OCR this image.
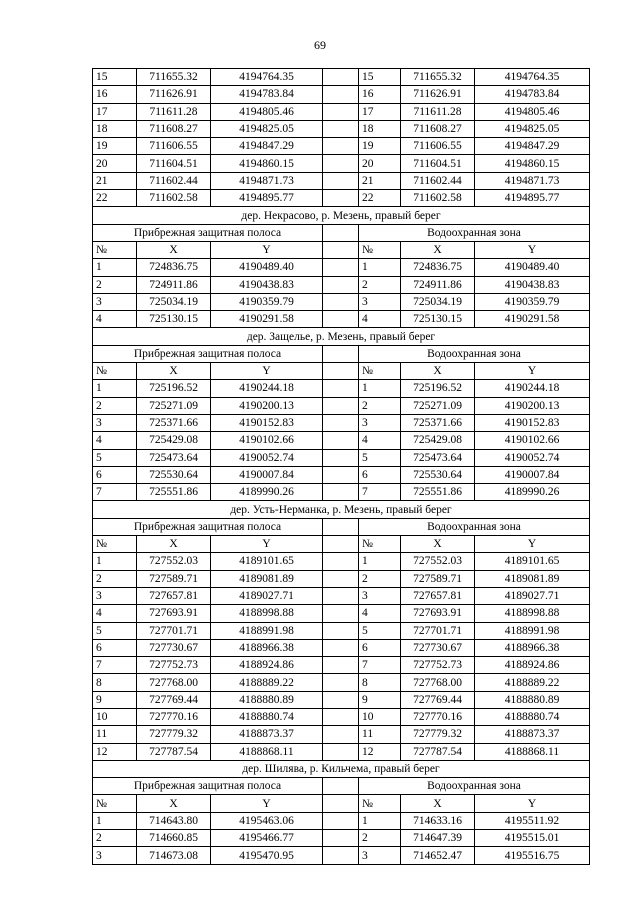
69
15	711655.32	4194764.35		15	711655.32	4194764.35
16	711626.91	4194783.84		16	711626.91	4194783.84
17	711611.28	4194805.46		17	711611.28	4194805.46
18	711608.27	4194825.05		18	711608.27	4194825.05
19	711606.55	4194847.29		19	711606.55	4194847.29
20	711604.51	4194860.15		20	711604.51	4194860.15
21	711602.44	4194871.73		21	711602.44	4194871.73
22	711602.58	4194895.77		22	711602.58	4194895.77
дер. Некрасово, р. Мезень, правый берег						
Прибрежная защитная полоса				Водоохранная зона		
№	X	Y		№	X	Y
1	724836.75	4190489.40		1	724836.75	4190489.40
2	724911.86	4190438.83		2	724911.86	4190438.83
3	725034.19	4190359.79		3	725034.19	4190359.79
4	725130.15	4190291.58		4	725130.15	4190291.58
дер. Защелье, р. Мезень, правый берег						
Прибрежная защитная полоса				Водоохранная зона		
№	X	Y		№	X	Y
1	725196.52	4190244.18		1	725196.52	4190244.18
2	725271.09	4190200.13		2	725271.09	4190200.13
3	725371.66	4190152.83		3	725371.66	4190152.83
4	725429.08	4190102.66		4	725429.08	4190102.66
5	725473.64	4190052.74		5	725473.64	4190052.74
6	725530.64	4190007.84		6	725530.64	4190007.84
7	725551.86	4189990.26		7	725551.86	4189990.26
дер. Усть-Нерманка, р. Мезень, правый берег						
Прибрежная защитная полоса				Водоохранная зона		
№	X	Y		№	X	Y
1	727552.03	4189101.65		1	727552.03	4189101.65
2	727589.71	4189081.89		2	727589.71	4189081.89
3	727657.81	4189027.71		3	727657.81	4189027.71
4	727693.91	4188998.88		4	727693.91	4188998.88
5	727701.71	4188991.98		5	727701.71	4188991.98
6	727730.67	4188966.38		6	727730.67	4188966.38
7	727752.73	4188924.86		7	727752.73	4188924.86
8	727768.00	4188889.22		8	727768.00	4188889.22
9	727769.44	4188880.89		9	727769.44	4188880.89
10	727770.16	4188880.74		10	727770.16	4188880.74
11	727779.32	4188873.37		11	727779.32	4188873.37
12	727787.54	4188868.11		12	727787.54	4188868.11
дер. Шилява, р. Кильчема, правый берег						
Прибрежная защитная полоса				Водоохранная зона		
№	X	Y		№	X	Y
1	714643.80	4195463.06		1	714633.16	4195511.92
2	714660.85	4195466.77		2	714647.39	4195515.01
3	714673.08	4195470.95		3	714652.47	4195516.75
